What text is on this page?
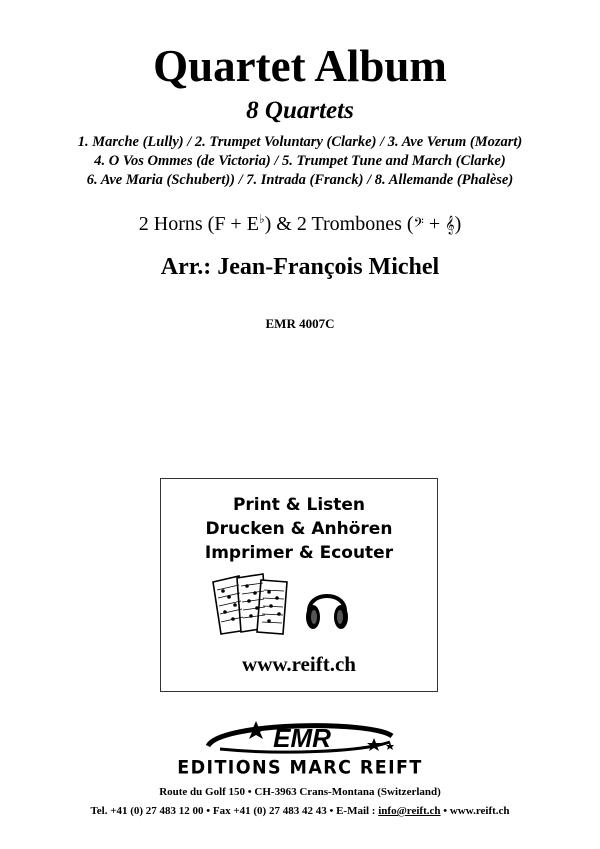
Quartet Album
8 Quartets
1. Marche (Lully) / 2. Trumpet Voluntary (Clarke) / 3. Ave Verum (Mozart)
4. O Vos Ommes (de Victoria) / 5. Trumpet Tune and March (Clarke)
6. Ave Maria (Schubert)) / 7. Intrada (Franck) / 8. Allemande (Phalèse)
2 Horns (F + E♭) & 2 Trombones (𝄢 + 𝄞)
Arr.: Jean-François Michel
EMR 4007C
Print & Listen
Drucken & Anhören
Imprimer & Ecouter
www.reift.ch
EMR
EDITIONS MARC REIFT
Route du Golf 150 • CH-3963 Crans-Montana (Switzerland)
Tel. +41 (0) 27 483 12 00 • Fax +41 (0) 27 483 42 43 • E-Mail : info@reift.ch • www.reift.ch
